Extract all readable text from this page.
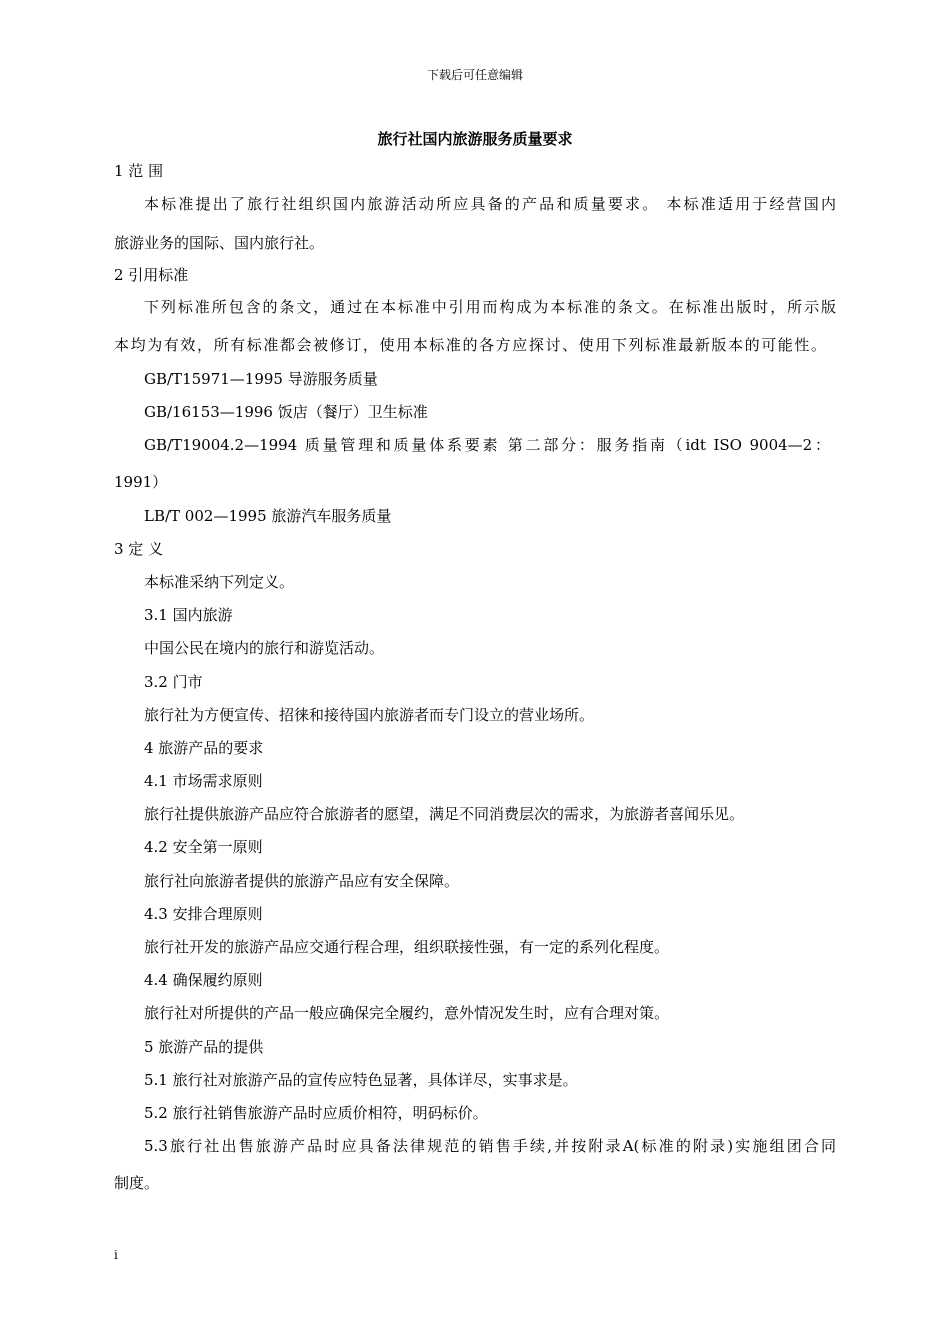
下载后可任意编辑
旅行社国内旅游服务质量要求
1 范 围
本标准提出了旅行社组织国内旅游活动所应具备的产品和质量要求。 本标准适用于经营国内
旅游业务的国际、国内旅行社。
2 引用标准
下列标准所包含的条文，通过在本标准中引用而构成为本标准的条文。在标准出版时，所示版
本均为有效，所有标准都会被修订，使用本标准的各方应探讨、使用下列标准最新版本的可能性。
GB/T15971—1995 导游服务质量
GB/16153—1996 饭店（餐厅）卫生标准
GB/T19004.2—1994 质量管理和质量体系要素 第二部分：服务指南（idt ISO 9004—2：
1991）
LB/T 002—1995 旅游汽车服务质量
3 定 义
本标准采纳下列定义。
3.1 国内旅游
中国公民在境内的旅行和游览活动。
3.2 门市
旅行社为方便宣传、招徕和接待国内旅游者而专门设立的营业场所。
4 旅游产品的要求
4.1 市场需求原则
旅行社提供旅游产品应符合旅游者的愿望，满足不同消费层次的需求，为旅游者喜闻乐见。
4.2 安全第一原则
旅行社向旅游者提供的旅游产品应有安全保障。
4.3 安排合理原则
旅行社开发的旅游产品应交通行程合理，组织联接性强，有一定的系列化程度。
4.4 确保履约原则
旅行社对所提供的产品一般应确保完全履约，意外情况发生时，应有合理对策。
5 旅游产品的提供
5.1 旅行社对旅游产品的宣传应特色显著，具体详尽，实事求是。
5.2 旅行社销售旅游产品时应质价相符，明码标价。
5.3旅行社出售旅游产品时应具备法律规范的销售手续,并按附录A(标准的附录)实施组团合同
制度。
i
